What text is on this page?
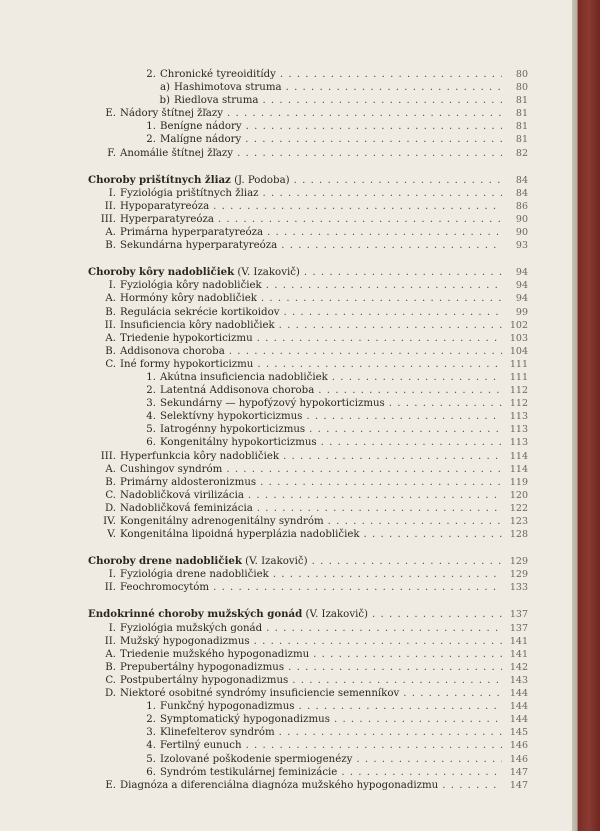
2. Chronické tyreoiditídy . . .	80
a) Hashimotova struma . . .	80
b) Riedlova struma . . .	81
E. Nádory štítnej žľazy . . .	81
1. Benígne nádory . . .	81
2. Malígne nádory . . .	81
F. Anomálie štítnej žľazy . . .	82
Choroby prištítnych žliaz (J. Podoba) . . .	84
I. Fyziológia prištítnych žliaz . . .	84
II. Hypoparatyreóza . . .	86
III. Hyperparatyreóza . . .	90
A. Primárna hyperparatyreóza . . .	90
B. Sekundárna hyperparatyreóza . . .	93
Choroby kôry nadobličiek (V. Izakovič) . . .	94
I. Fyziológia kôry nadobličiek . . .	94
A. Hormóny kôry nadobličiek . . .	94
B. Regulácia sekrécie kortikoidov . . .	99
II. Insuficiencia kôry nadobličiek . . .	102
A. Triedenie hypokorticizmu . . .	103
B. Addisonova choroba . . .	104
C. Iné formy hypokorticizmu . . .	111
1. Akútna insuficiencia nadobličiek . . .	111
2. Latentná Addisonova choroba . . .	112
3. Sekundárny — hypofýzový hypokorticizmus . . .	112
4. Selektívny hypokorticizmus . . .	113
5. Iatrogénny hypokorticizmus . . .	113
6. Kongenitálny hypokorticizmus . . .	113
III. Hyperfunkcia kôry nadobličiek . . .	114
A. Cushingov syndróm . . .	114
B. Primárny aldosteronizmus . . .	119
C. Nadobličková virilizácia . . .	120
D. Nadobličková feminizácia . . .	122
IV. Kongenitálny adrenogenitálny syndróm . . .	123
V. Kongenitálna lipoidná hyperplázia nadobličiek . . .	128
Choroby drene nadobličiek (V. Izakovič) . . .	129
I. Fyziológia drene nadobličiek . . .	129
II. Feochromocytóm . . .	133
Endokrinné choroby mužských gonád (V. Izakovič) . . .	137
I. Fyziológia mužských gonád . . .	137
II. Mužský hypogonadizmus . . .	141
A. Triedenie mužského hypogonadizmu . . .	141
B. Prepubertálny hypogonadizmus . . .	142
C. Postpubertálny hypogonadizmus . . .	143
D. Niektoré osobitné syndrómy insuficiencie semenníkov . . .	144
1. Funkčný hypogonadizmus . . .	144
2. Symptomatický hypogonadizmus . . .	144
3. Klinefelterov syndróm . . .	145
4. Fertilný eunuch . . .	146
5. Izolované poškodenie spermiogenézy . . .	146
6. Syndróm testikulárnej feminizácie . . .	147
E. Diagnóza a diferenciálna diagnóza mužského hypogonadizmu . . .	147
